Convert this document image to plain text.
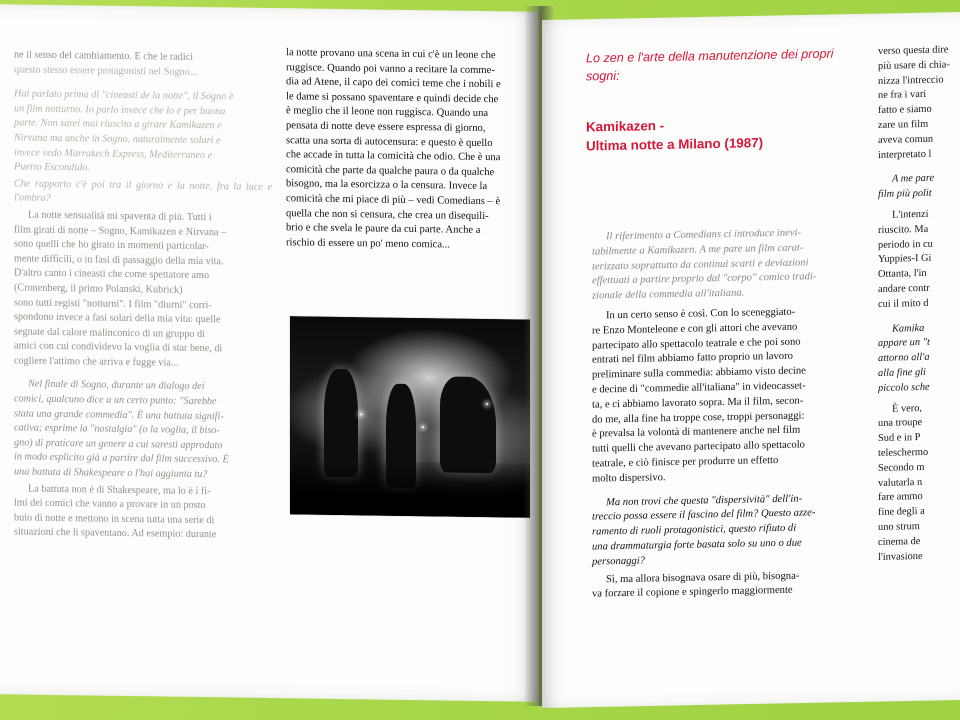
ne il senso del cambiamento. E che le radici

questo stesso essere protagonisti nel Sogno...

Hai parlato prima di "cineasti de la notte", il Sogno è

un film notturno. Io parlo invece che lo è per buona

parte. Non sarei mai riuscito a girare Kamikazen e

Nirvana ma anche in Sogno, naturalmente solari e

invece vedo Marrakech Express, Mediterraneo e

Puerto Escondido.

Che rapporto c'è poi tra il giorno e la notte, fra la luce e l'ombra?

La notte sensualità mi spaventa di più. Tutti i

film girati di notte – Sogno, Kamikazen e Nirvana –

sono quelli che ho girato in momenti particolar-

mente difficili, o in fasi di passaggio della mia vita.

D'altro canto i cineasti che come spettatore amo

(Cronenberg, il primo Polanski, Kubrick)

sono tutti registi "notturni". I film "diurni" corri-

spondono invece a fasi solari della mia vita: quelle

segnate dal calore malinconico di un gruppo di

amici con cui condividevo la voglia di star bene, di

cogliere l'attimo che arriva e fugge via...

Nel finale di Sogno, durante un dialogo dei

comici, qualcuno dice a un certo punto: "Sarebbe

stata una grande commedia". È una battuta signifi-

cativa; esprime la "nostalgia" (o la voglia, il biso-

gno) di praticare un genere a cui saresti approdato

in modo esplicito già a partire dal film successivo. È

una battuta di Shakespeare o l'hai aggiunta tu?

La battuta non è di Shakespeare, ma lo è i fi-

lmi dei comici che vanno a provare in un posto

buio di notte e mettono in scena tutta una serie di

situazioni che li spaventano. Ad esempio: durante

la notte provano una scena in cui c'è un leone che

ruggisce. Quando poi vanno a recitare la comme-

dia ad Atene, il capo dei comici teme che i nobili e

le dame si possano spaventare e quindi decide che

è meglio che il leone non ruggisca. Quando una

pensata di notte deve essere espressa di giorno,

scatta una sorta di autocensura: e questo è quello

che accade in tutta la comicità che odio. Che è una

comicità che parte da qualche paura o da qualche

bisogno, ma la esorcizza o la censura. Invece la

comicità che mi piace di più – vedi Comedians – è

quella che non si censura, che crea un disequili-

brio e che svela le paure da cui parte. Anche a

rischio di essere un po' meno comica...

Lo zen e l'arte della manutenzione dei propri sogni:
Kamikazen -
Ultima notte a Milano (1987)

Il riferimento a Comedians ci introduce inevi-

tabilmente a Kamikazen. A me pare un film carat-

terizzato soprattutto da continui scarti e deviazioni

effettuati a partire proprio dal "corpo" comico tradi-

zionale della commedia all'italiana.

In un certo senso è così. Con lo sceneggiato-

re Enzo Monteleone e con gli attori che avevano

partecipato allo spettacolo teatrale e che poi sono

entrati nel film abbiamo fatto proprio un lavoro

preliminare sulla commedia: abbiamo visto decine

e decine di "commedie all'italiana" in videocasset-

ta, e ci abbiamo lavorato sopra. Ma il film, secon-

do me, alla fine ha troppe cose, troppi personaggi:

è prevalsa la volontà di mantenere anche nel film

tutti quelli che avevano partecipato allo spettacolo

teatrale, e ciò finisce per produrre un effetto

molto dispersivo.

Ma non trovi che questa "dispersività" dell'in-

treccio possa essere il fascino del film? Questo azze-

ramento di ruoli protagonistici, questo rifiuto di

una drammaturgia forte basata solo su uno o due

personaggi?

Sì, ma allora bisognava osare di più, bisogna-

va forzare il copione e spingerlo maggiormente

verso questa dire

più usare di chia-

nizza l'intreccio

ne fra i vari

fatto e siamo

zare un film

aveva comun

interpretato l

A me pare

film più polit

L'intenzi

riuscito. Ma

periodo in cu

Yuppies-I Gi

Ottanta, l'in

andare contr

cui il mito d

Kamika

appare un "t

attorno all'a

alla fine gli

piccolo sche

È vero,

una troupe

Sud e in P

teleschermo

Secondo m

valutarla n

fare ammo

fine degli a

uno strum

cinema de

l'invasione
